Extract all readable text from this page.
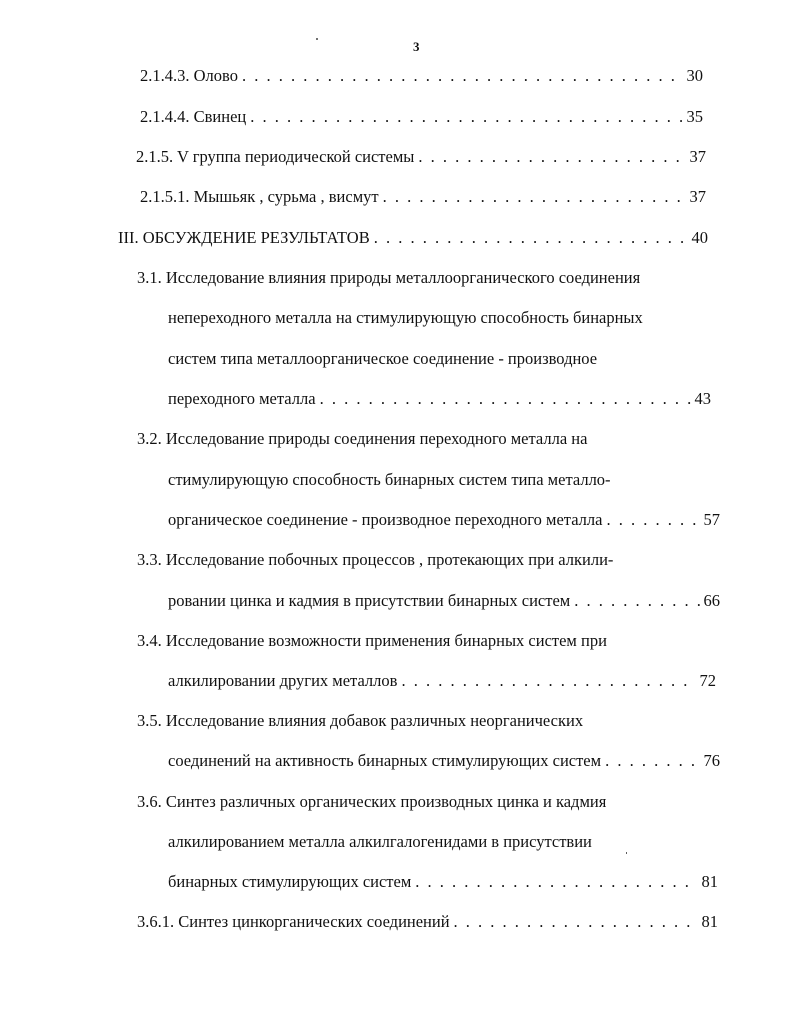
3
2.1.4.3. Олово . . .	30
2.1.4.4. Свинец . . .	35
2.1.5. V группа периодической системы . . .	37
2.1.5.1. Мышьяк , сурьма , висмут . . .	37
III. ОБСУЖДЕНИЕ РЕЗУЛЬТАТОВ . . .	40
3.1. Исследование влияния природы металлоорганического соединения
непереходного металла на стимулирующую способность бинарных
систем типа металлоорганическое соединение - производное
переходного металла . . .	43
3.2. Исследование природы соединения переходного металла на
стимулирующую способность бинарных систем типа металло-
органическое соединение - производное переходного металла . . .	57
3.3. Исследование побочных процессов , протекающих при алкили-
ровании цинка и кадмия в присутствии бинарных систем . . .	66
3.4. Исследование возможности применения бинарных систем при
алкилировании других металлов . . .	72
3.5. Исследование влияния добавок различных неорганических
соединений на активность бинарных стимулирующих систем . . .	76
3.6. Синтез различных органических производных цинка и кадмия
алкилированием металла алкилгалогенидами в присутствии
бинарных стимулирующих систем . . .	81
3.6.1. Синтез цинкорганических соединений . . .	81
